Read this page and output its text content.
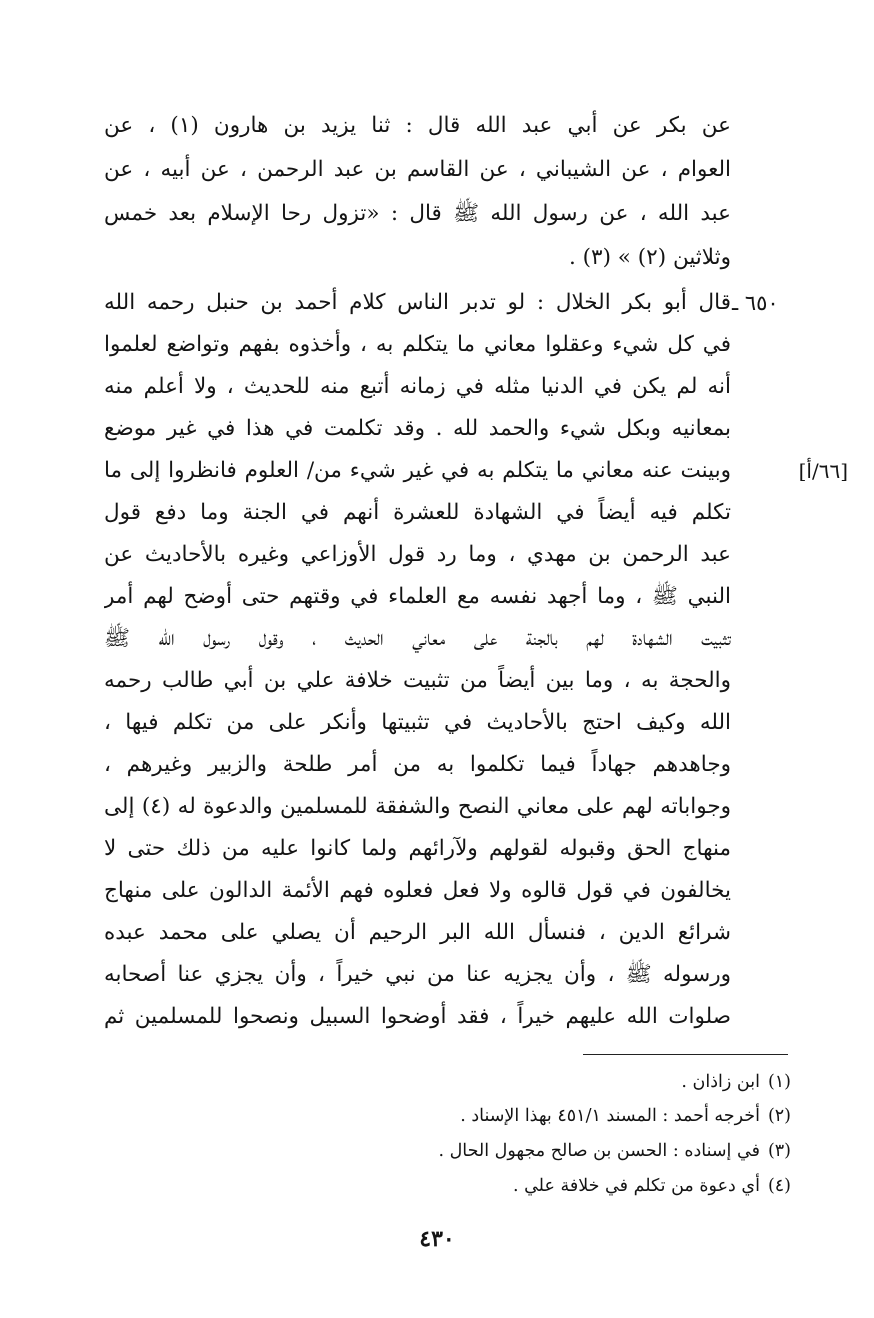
عن بكر عن أبي عبد الله قال : ثنا يزيد بن هارون (١) ، عن
العوام ، عن الشيباني ، عن القاسم بن عبد الرحمن ، عن أبيه ، عن
عبد الله ، عن رسول الله ﷺ قال : «تزول رحا الإسلام بعد خمس
وثلاثين (٢) » (٣) .
٦٥٠ ـ
قال أبو بكر الخلال : لو تدبر الناس كلام أحمد بن حنبل رحمه الله
في كل شيء وعقلوا معاني ما يتكلم به ، وأخذوه بفهم وتواضع لعلموا
أنه لم يكن في الدنيا مثله في زمانه أتبع منه للحديث ، ولا أعلم منه
بمعانيه وبكل شيء والحمد لله . وقد تكلمت في هذا في غير موضع
وبينت عنه معاني ما يتكلم به في غير شيء من/ العلوم فانظروا إلى ما
تكلم فيه أيضاً في الشهادة للعشرة أنهم في الجنة وما دفع قول
عبد الرحمن بن مهدي ، وما رد قول الأوزاعي وغيره بالأحاديث عن
النبي ﷺ ، وما أجهد نفسه مع العلماء في وقتهم حتى أوضح لهم أمر
تثبيت الشهادة لهم بالجنة على معاني الحديث ، وقول رسول الله ﷺ
والحجة به ، وما بين أيضاً من تثبيت خلافة علي بن أبي طالب رحمه
الله وكيف احتج بالأحاديث في تثبيتها وأنكر على من تكلم فيها ،
وجاهدهم جهاداً فيما تكلموا به من أمر طلحة والزبير وغيرهم ،
وجواباته لهم على معاني النصح والشفقة للمسلمين والدعوة له (٤) إلى
منهاج الحق وقبوله لقولهم ولآرائهم ولما كانوا عليه من ذلك حتى لا
يخالفون في قول قالوه ولا فعل فعلوه فهم الأئمة الدالون على منهاج
شرائع الدين ، فنسأل الله البر الرحيم أن يصلي على محمد عبده
ورسوله ﷺ ، وأن يجزيه عنا من نبي خيراً ، وأن يجزي عنا أصحابه
صلوات الله عليهم خيراً ، فقد أوضحوا السبيل ونصحوا للمسلمين ثم
[٦٦/أ]
(١)ابن زاذان .
(٢)أخرجه أحمد : المسند ٤٥١/١ بهذا الإسناد .
(٣)في إسناده : الحسن بن صالح مجهول الحال .
(٤)أي دعوة من تكلم في خلافة علي .
٤٣٠
